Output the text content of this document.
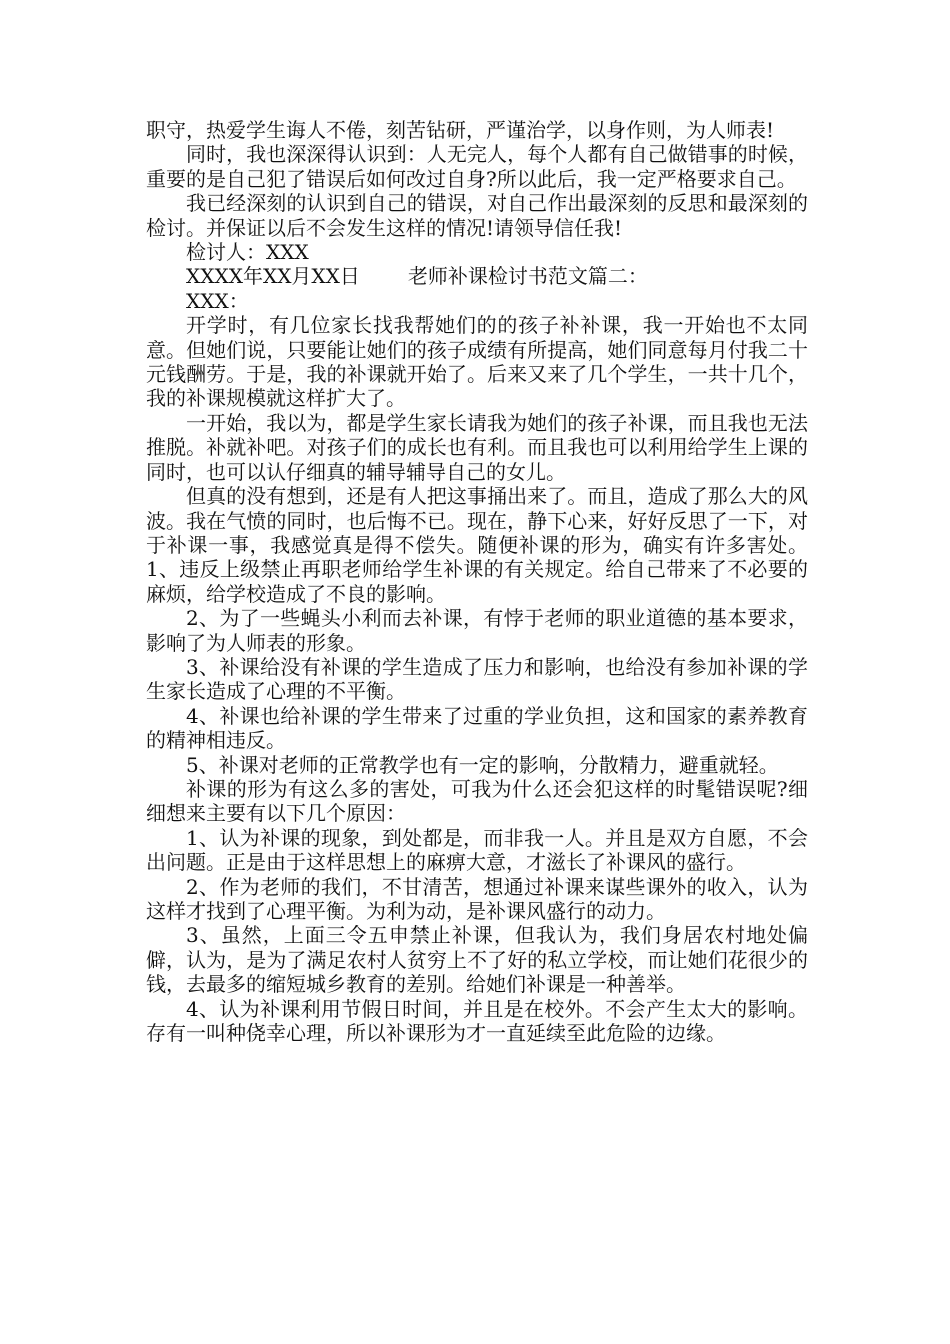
职守，热爱学生诲人不倦，刻苦钻研，严谨治学，以身作则，为人师表!

同时，我也深深得认识到：人无完人，每个人都有自己做错事的时候，重要的是自己犯了错误后如何改过自身?所以此后，我一定严格要求自己。

我已经深刻的认识到自己的错误，对自己作出最深刻的反思和最深刻的检讨。并保证以后不会发生这样的情况!请领导信任我!

检讨人：XXX

XXXX年XX月XX日 老师补课检讨书范文篇二：

XXX：

开学时，有几位家长找我帮她们的的孩子补补课，我一开始也不太同意。但她们说，只要能让她们的孩子成绩有所提高，她们同意每月付我二十元钱酬劳。于是，我的补课就开始了。后来又来了几个学生，一共十几个，我的补课规模就这样扩大了。

一开始，我以为，都是学生家长请我为她们的孩子补课，而且我也无法推脱。补就补吧。对孩子们的成长也有利。而且我也可以利用给学生上课的同时，也可以认仔细真的辅导辅导自己的女儿。

但真的没有想到，还是有人把这事捅出来了。而且，造成了那么大的风波。我在气愤的同时，也后悔不已。现在，静下心来，好好反思了一下，对于补课一事，我感觉真是得不偿失。随便补课的形为，确实有许多害处。1、违反上级禁止再职老师给学生补课的有关规定。给自己带来了不必要的麻烦，给学校造成了不良的影响。

2、为了一些蝇头小利而去补课，有悖于老师的职业道德的基本要求，影响了为人师表的形象。

3、补课给没有补课的学生造成了压力和影响，也给没有参加补课的学生家长造成了心理的不平衡。

4、补课也给补课的学生带来了过重的学业负担，这和国家的素养教育的精神相违反。

5、补课对老师的正常教学也有一定的影响，分散精力，避重就轻。

补课的形为有这么多的害处，可我为什么还会犯这样的时髦错误呢?细细想来主要有以下几个原因：

1、认为补课的现象，到处都是，而非我一人。并且是双方自愿，不会出问题。正是由于这样思想上的麻痹大意，才滋长了补课风的盛行。

2、作为老师的我们，不甘清苦，想通过补课来谋些课外的收入，认为这样才找到了心理平衡。为利为动，是补课风盛行的动力。

3、虽然，上面三令五申禁止补课，但我认为，我们身居农村地处偏僻，认为，是为了满足农村人贫穷上不了好的私立学校，而让她们花很少的钱，去最多的缩短城乡教育的差别。给她们补课是一种善举。

4、认为补课利用节假日时间，并且是在校外。不会产生太大的影响。存有一叫种侥幸心理，所以补课形为才一直延续至此危险的边缘。
